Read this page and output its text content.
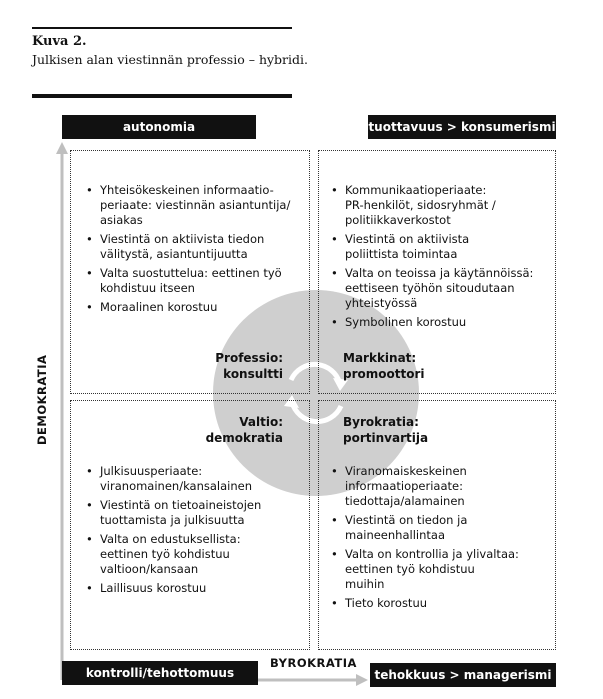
Kuva 2.
Julkisen alan viestinnän professio – hybridi.
autonomia	tuottavuus > konsumerismi
kontrolli/tehottomuus	tehokkuus > managerismi
DEMOKRATIA
BYROKRATIA
Professio:
konsultti
Markkinat:
promoottori
Valtio:
demokratia
Byrokratia:
portinvartija
• Yhteisökeskeinen informaatio-
periaate: viestinnän asiantuntija/
asiakas
• Viestintä on aktiivista tiedon
välitystä, asiantuntijuutta
• Valta suostuttelua: eettinen työ
kohdistuu itseen
• Moraalinen korostuu
• Kommunikaatioperiaate:
PR-henkilöt, sidosryhmät /
politiikkaverkostot
• Viestintä on aktiivista
poliittista toimintaa
• Valta on teoissa ja käytännöissä:
eettiseen työhön sitoudutaan
yhteistyössä
• Symbolinen korostuu
• Julkisuusperiaate:
viranomainen/kansalainen
• Viestintä on tietoaineistojen
tuottamista ja julkisuutta
• Valta on edustuksellista:
eettinen työ kohdistuu
valtioon/kansaan
• Laillisuus korostuu
• Viranomaiskeskeinen
informaatioperiaate:
tiedottaja/alamainen
• Viestintä on tiedon ja
maineenhallintaa
• Valta on kontrollia ja ylivaltaa:
eettinen työ kohdistuu
muihin
• Tieto korostuu
